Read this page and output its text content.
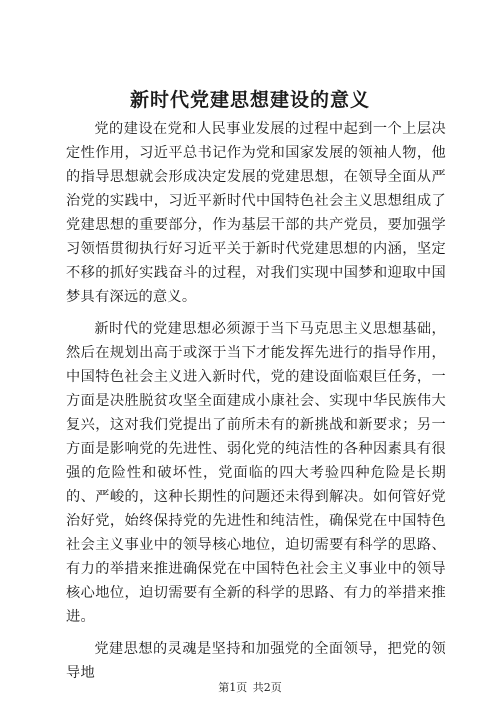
新时代党建思想建设的意义

党的建设在党和人民事业发展的过程中起到一个上层决定性作用，习近平总书记作为党和国家发展的领袖人物，他的指导思想就会形成决定发展的党建思想，在领导全面从严治党的实践中，习近平新时代中国特色社会主义思想组成了党建思想的重要部分，作为基层干部的共产党员，要加强学习领悟贯彻执行好习近平关于新时代党建思想的内涵，坚定不移的抓好实践奋斗的过程，对我们实现中国梦和迎取中国梦具有深远的意义。

新时代的党建思想必须源于当下马克思主义思想基础，然后在规划出高于或深于当下才能发挥先进行的指导作用，中国特色社会主义进入新时代，党的建设面临艰巨任务，一方面是决胜脱贫攻坚全面建成小康社会、实现中华民族伟大复兴，这对我们党提出了前所未有的新挑战和新要求；另一方面是影响党的先进性、弱化党的纯洁性的各种因素具有很强的危险性和破坏性，党面临的四大考验四种危险是长期的、严峻的，这种长期性的问题还未得到解决。如何管好党治好党，始终保持党的先进性和纯洁性，确保党在中国特色社会主义事业中的领导核心地位，迫切需要有科学的思路、有力的举措来推进确保党在中国特色社会主义事业中的领导核心地位，迫切需要有全新的科学的思路、有力的举措来推进。

党建思想的灵魂是坚持和加强党的全面领导，把党的领导地

第1页 共2页
